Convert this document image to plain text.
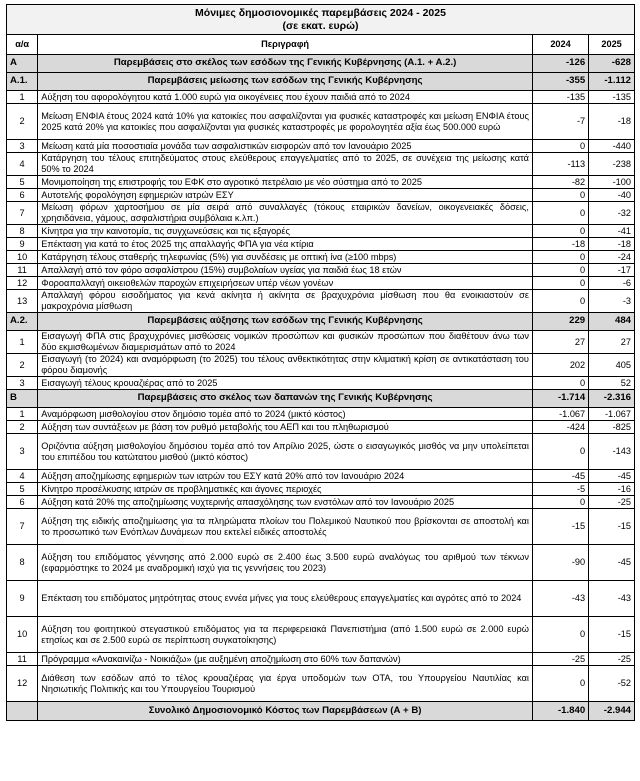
Μόνιμες δημοσιονομικές παρεμβάσεις 2024 - 2025
(σε εκατ. ευρώ)
α/α	Περιγραφή	2024	2025
A	Παρεμβάσεις στο σκέλος των εσόδων της Γενικής Κυβέρνησης (Α.1. + Α.2.)	-126	-628
A.1.	Παρεμβάσεις μείωσης των εσόδων της Γενικής Κυβέρνησης	-355	-1.112
1	Αύξηση του αφορολόγητου κατά 1.000 ευρώ για οικογένειες που έχουν παιδιά από το 2024	-135	-135
2	Μείωση ΕΝΦΙΑ έτους 2024 κατά 10% για κατοικίες που ασφαλίζονται για φυσικές καταστροφές και μείωση ΕΝΦΙΑ έτους 2025 κατά 20% για κατοικίες που ασφαλίζονται για φυσικές καταστροφές με φορολογητέα αξία έως 500.000 ευρώ	-7	-18
3	Μείωση κατά μία ποσοστιαία μονάδα των ασφαλιστικών εισφορών από τον Ιανουάριο 2025	0	-440
4	Κατάργηση του τέλους επιτηδεύματος στους ελεύθερους επαγγελματίες από το 2025, σε συνέχεια της μείωσης κατά 50% το 2024	-113	-238
5	Μονιμοποίηση της επιστροφής του ΕΦΚ στο αγροτικό πετρέλαιο με νέο σύστημα από το 2025	-82	-100
6	Αυτοτελής φορολόγηση εφημεριών ιατρών ΕΣΥ	0	-40
7	Μείωση φόρων χαρτοσήμου σε μία σειρά από συναλλαγές (τόκους εταιρικών δανείων, οικογενειακές δόσεις, χρησιδάνεια, γάμους, ασφαλιστήρια συμβόλαια κ.λπ.)	0	-32
8	Κίνητρα για την καινοτομία, τις συγχωνεύσεις και τις εξαγορές	0	-41
9	Επέκταση για κατά το έτος 2025 της απαλλαγής ΦΠΑ για νέα κτίρια	-18	-18
10	Κατάργηση τέλους σταθερής τηλεφωνίας (5%) για συνδέσεις με οπτική ίνα (≥100 mbps)	0	-24
11	Απαλλαγή από τον φόρο ασφαλίστρου (15%) συμβολαίων υγείας για παιδιά έως 18 ετών	0	-17
12	Φοροαπαλλαγή οικειοθελών παροχών επιχειρήσεων υπέρ νέων γονέων	0	-6
13	Απαλλαγή φόρου εισοδήματος για κενά ακίνητα ή ακίνητα σε βραχυχρόνια μίσθωση που θα ενοικιαστούν σε μακροχρόνια μίσθωση	0	-3
A.2.	Παρεμβάσεις αύξησης των εσόδων της Γενικής Κυβέρνησης	229	484
1	Εισαγωγή ΦΠΑ στις βραχυχρόνιες μισθώσεις νομικών προσώπων και φυσικών προσώπων που διαθέτουν άνω των δύο εκμισθωμένων διαμερισμάτων από το 2024	27	27
2	Εισαγωγή (το 2024) και αναμόρφωση (το 2025) του τέλους ανθεκτικότητας στην κλιματική κρίση σε αντικατάσταση του φόρου διαμονής	202	405
3	Εισαγωγή τέλους κρουαζιέρας από το 2025	0	52
B	Παρεμβάσεις στο σκέλος των δαπανών της Γενικής Κυβέρνησης	-1.714	-2.316
1	Αναμόρφωση μισθολογίου στον δημόσιο τομέα από το 2024 (μικτό κόστος)	-1.067	-1.067
2	Αύξηση των συντάξεων με βάση τον ρυθμό μεταβολής του ΑΕΠ και του πληθωρισμού	-424	-825
3	Οριζόντια αύξηση μισθολογίου δημόσιου τομέα από τον Απρίλιο 2025, ώστε ο εισαγωγικός μισθός να μην υπολείπεται του επιπέδου του κατώτατου μισθού (μικτό κόστος)	0	-143
4	Αύξηση αποζημίωσης εφημεριών των ιατρών του ΕΣΥ κατά 20% από τον Ιανουάριο 2024	-45	-45
5	Κίνητρο προσέλκυσης ιατρών σε προβληματικές και άγονες περιοχές	-5	-16
6	Αύξηση κατά 20% της αποζημίωσης νυχτερινής απασχόλησης των ενστόλων από τον Ιανουάριο 2025	0	-25
7	Αύξηση της ειδικής αποζημίωσης για τα πληρώματα πλοίων του Πολεμικού Ναυτικού που βρίσκονται σε αποστολή και το προσωπικό των Ενόπλων Δυνάμεων που εκτελεί ειδικές αποστολές	-15	-15
8	Αύξηση του επιδόματος γέννησης από 2.000 ευρώ σε 2.400 έως 3.500 ευρώ αναλόγως του αριθμού των τέκνων (εφαρμόστηκε το 2024 με αναδρομική ισχύ για τις γεννήσεις του 2023)	-90	-45
9	Επέκταση του επιδόματος μητρότητας στους εννέα μήνες για τους ελεύθερους επαγγελματίες και αγρότες από το 2024	-43	-43
10	Αύξηση του φοιτητικού στεγαστικού επιδόματος για τα περιφερειακά Πανεπιστήμια (από 1.500 ευρώ σε 2.000 ευρώ ετησίως και σε 2.500 ευρώ σε περίπτωση συγκατοίκησης)	0	-15
11	Πρόγραμμα «Ανακαινίζω - Νοικιάζω» (με αυξημένη αποζημίωση στο 60% των δαπανών)	-25	-25
12	Διάθεση των εσόδων από το τέλος κρουαζιέρας για έργα υποδομών των ΟΤΑ, του Υπουργείου Ναυτιλίας και Νησιωτικής Πολιτικής και του Υπουργείου Τουρισμού	0	-52
	Συνολικό Δημοσιονομικό Κόστος των Παρεμβάσεων (Α + Β)	-1.840	-2.944
